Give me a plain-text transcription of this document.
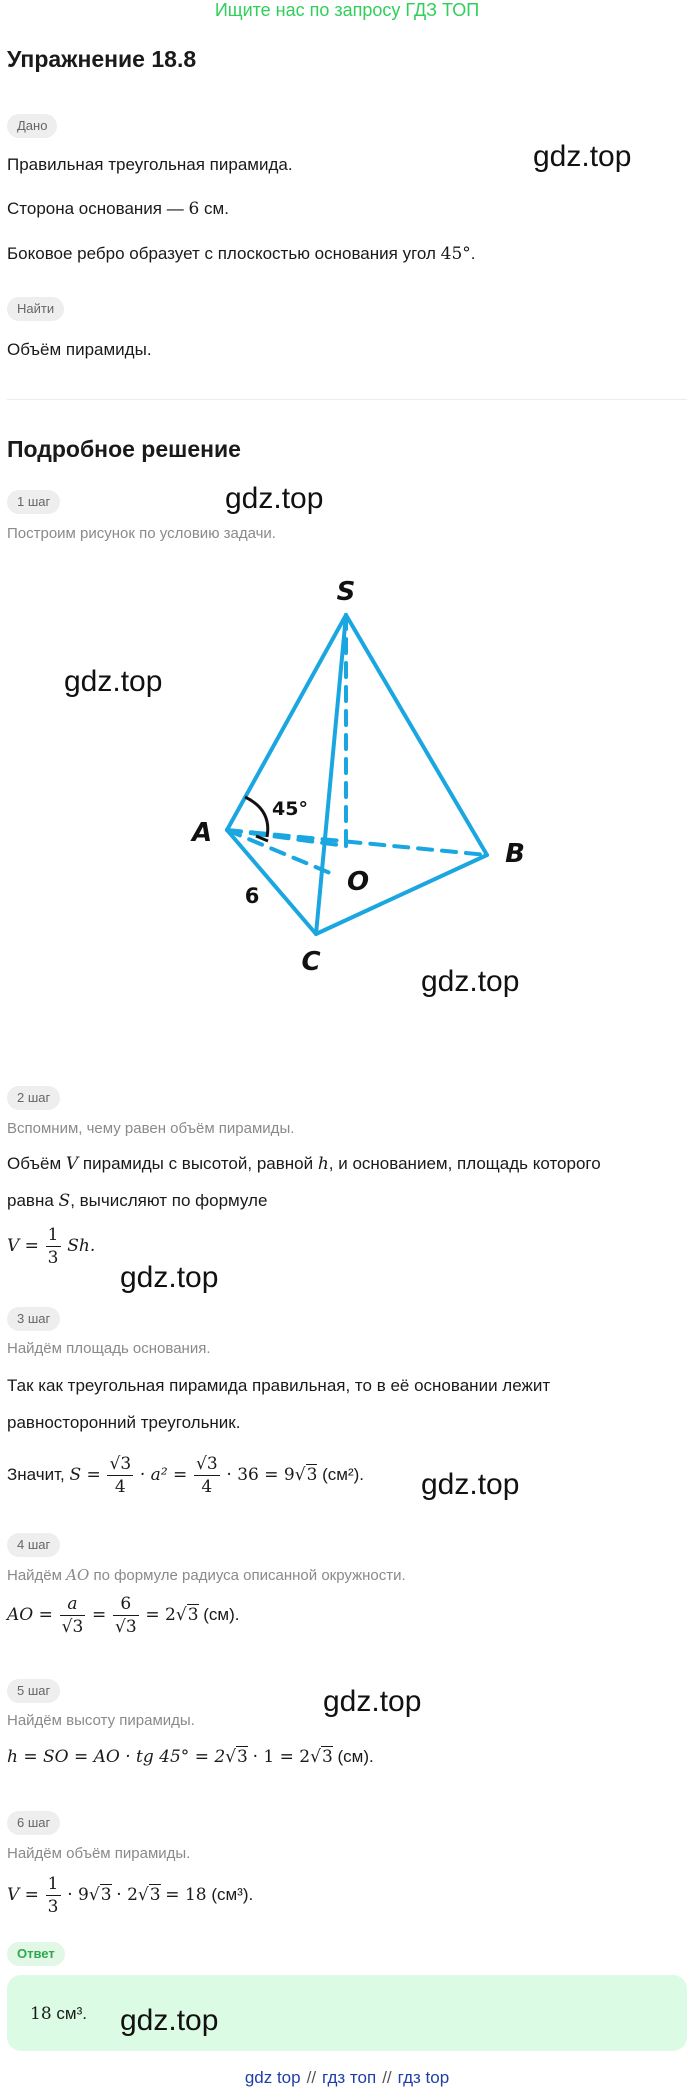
Ищите нас по запросу ГДЗ ТОП
Упражнение 18.8
Дано
Правильная треугольная пирамида.
Сторона основания — 6 см.
Боковое ребро образует с плоскостью основания угол 45°.
Найти
Объём пирамиды.
Подробное решение
1 шаг
Построим рисунок по условию задачи.
S
A
B
C
O
45°
6
2 шаг
Вспомним, чему равен объём пирамиды.
Объём V пирамиды с высотой, равной h, и основанием, площадь которого
равна S, вычисляют по формуле
$V = \frac{1}{3} Sh$.
3 шаг
Найдём площадь основания.
Так как треугольная пирамида правильная, то в её основании лежит
равносторонний треугольник.
Значит, $S = \frac{√3}{4} \cdot a^2 = \frac{√3}{4} \cdot 36 = 9√3$ (см²).
4 шаг
Найдём AO по формуле радиуса описанной окружности.
AO = $\frac{a}{√3} = \frac{6}{√3} = 2√3$ (см).
5 шаг
Найдём высоту пирамиды.
h = SO = AO · tg 45° = 2√3 · 1 = 2√3 (см).
6 шаг
Найдём объём пирамиды.
$V = \frac{1}{3} \cdot 9√3 \cdot 2√3 = 18$ (см³).
Ответ
18 см³.
gdz.top
gdz.top
gdz.top
gdz.top
gdz.top
gdz.top
gdz.top
gdz.top
gdz top // гдз топ // гдз top
